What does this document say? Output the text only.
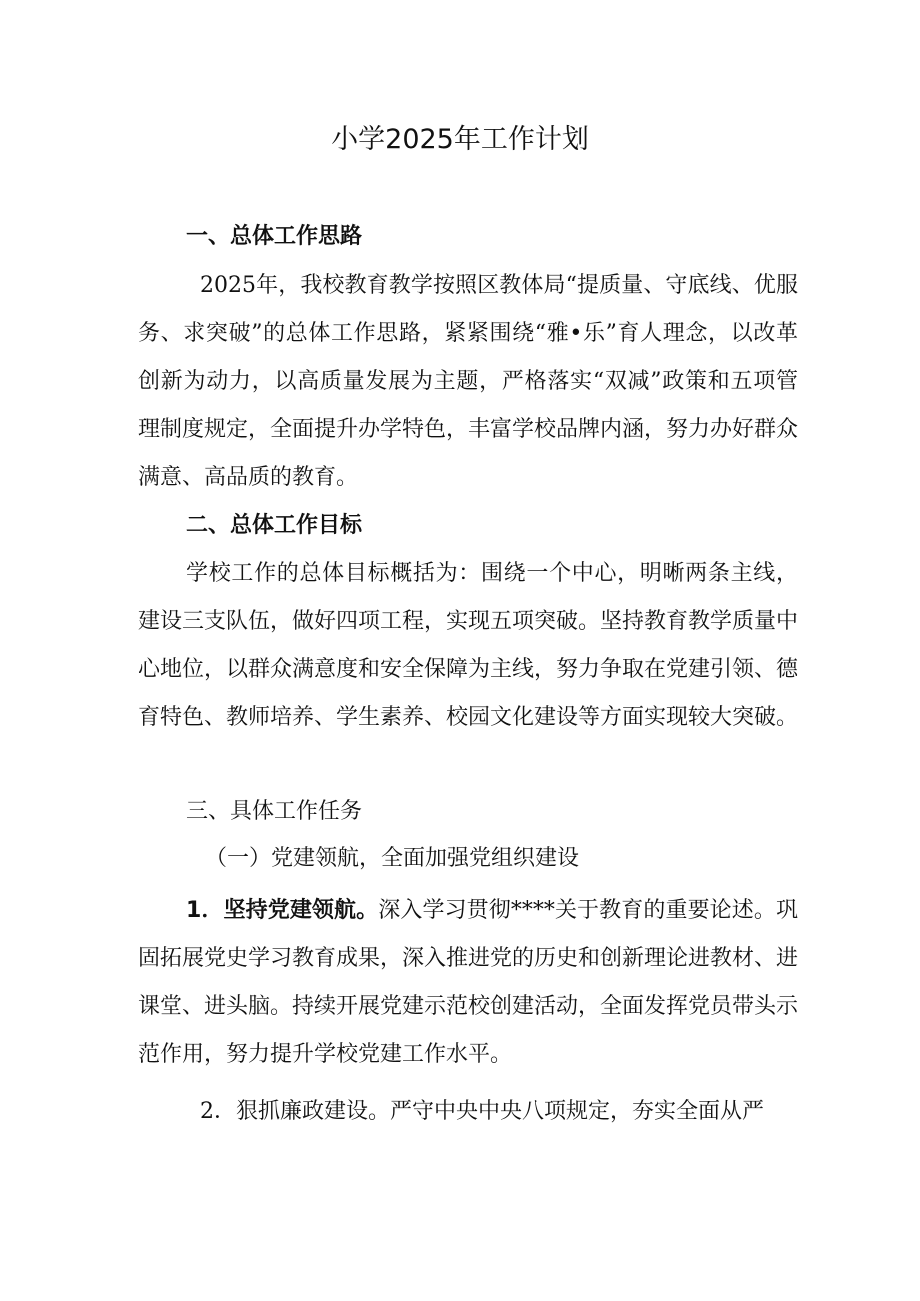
小学2025年工作计划
一、总体工作思路

2025年，我校教育教学按照区教体局“提质量、守底线、优服务、求突破”的总体工作思路，紧紧围绕“雅•乐”育人理念，以改革创新为动力，以高质量发展为主题，严格落实“双减”政策和五项管理制度规定，全面提升办学特色，丰富学校品牌内涵，努力办好群众满意、高品质的教育。

二、总体工作目标

学校工作的总体目标概括为：围绕一个中心，明晰两条主线，建设三支队伍，做好四项工程，实现五项突破。坚持教育教学质量中心地位，以群众满意度和安全保障为主线，努力争取在党建引领、德育特色、教师培养、学生素养、校园文化建设等方面实现较大突破。

三、具体工作任务
（一）党建领航，全面加强党组织建设

1．坚持党建领航。深入学习贯彻****关于教育的重要论述。巩固拓展党史学习教育成果，深入推进党的历史和创新理论进教材、进课堂、进头脑。持续开展党建示范校创建活动，全面发挥党员带头示范作用，努力提升学校党建工作水平。

2．狠抓廉政建设。严守中央中央八项规定，夯实全面从严
